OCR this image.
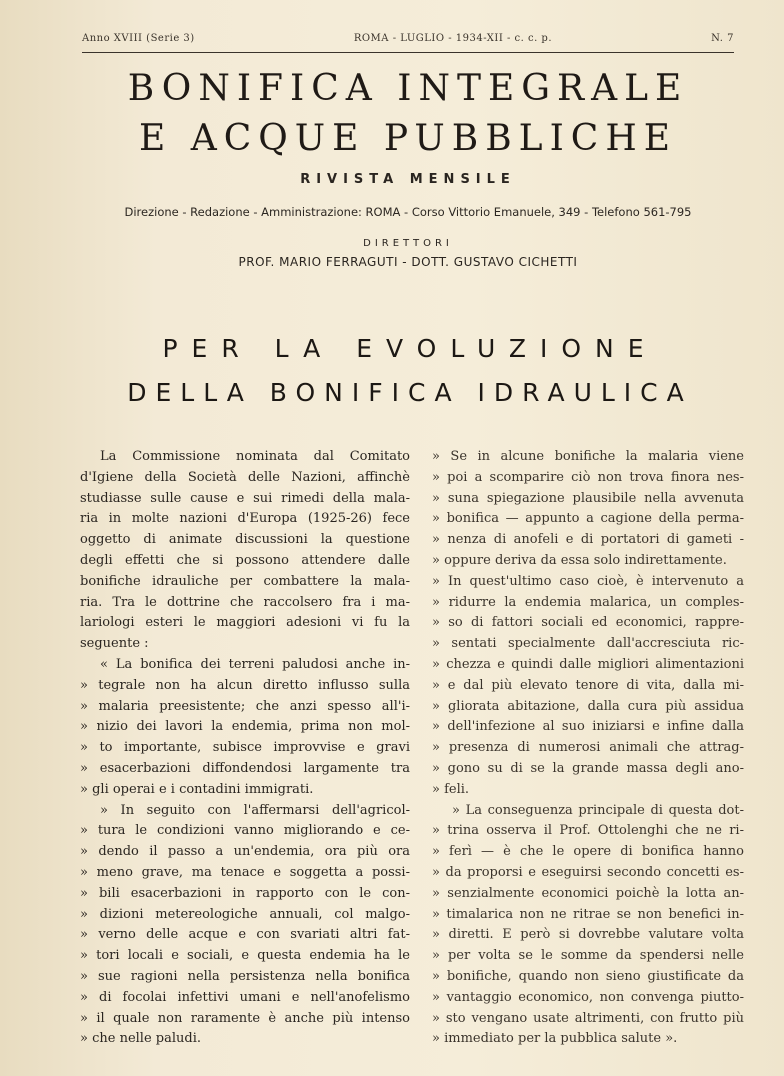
Anno XVIII (Serie 3)	ROMA - LUGLIO - 1934-XII - c. c. p.	N. 7
BONIFICA INTEGRALE
E ACQUE PUBBLICHE
RIVISTA MENSILE
Direzione - Redazione - Amministrazione: ROMA - Corso Vittorio Emanuele, 349 - Telefono 561-795
DIRETTORI
PROF. MARIO FERRAGUTI - DOTT. GUSTAVO CICHETTI
PER LA EVOLUZIONE
DELLA BONIFICA IDRAULICA
La Commissione nominata dal Comitato
d'Igiene della Società delle Nazioni, affinchè
studiasse sulle cause e sui rimedi della mala-
ria in molte nazioni d'Europa (1925-26) fece
oggetto di animate discussioni la questione
degli effetti che si possono attendere dalle
bonifiche idrauliche per combattere la mala-
ria. Tra le dottrine che raccolsero fra i ma-
lariologi esteri le maggiori adesioni vi fu la
seguente :
« La bonifica dei terreni paludosi anche in-
» tegrale non ha alcun diretto influsso sulla
» malaria preesistente; che anzi spesso all'i-
» nizio dei lavori la endemia, prima non mol-
» to importante, subisce improvvise e gravi
» esacerbazioni diffondendosi largamente tra
» gli operai e i contadini immigrati.
» In seguito con l'affermarsi dell'agricol-
» tura le condizioni vanno migliorando e ce-
» dendo il passo a un'endemia, ora più ora
» meno grave, ma tenace e soggetta a possi-
» bili esacerbazioni in rapporto con le con-
» dizioni metereologiche annuali, col malgo-
» verno delle acque e con svariati altri fat-
» tori locali e sociali, e questa endemia ha le
» sue ragioni nella persistenza nella bonifica
» di focolai infettivi umani e nell'anofelismo
» il quale non raramente è anche più intenso
» che nelle paludi.
» Se in alcune bonifiche la malaria viene
» poi a scomparire ciò non trova finora nes-
» suna spiegazione plausibile nella avvenuta
» bonifica — appunto a cagione della perma-
» nenza di anofeli e di portatori di gameti -
» oppure deriva da essa solo indirettamente.
» In quest'ultimo caso cioè, è intervenuto a
» ridurre la endemia malarica, un comples-
» so di fattori sociali ed economici, rappre-
» sentati specialmente dall'accresciuta ric-
» chezza e quindi dalle migliori alimentazioni
» e dal più elevato tenore di vita, dalla mi-
» gliorata abitazione, dalla cura più assidua
» dell'infezione al suo iniziarsi e infine dalla
» presenza di numerosi animali che attrag-
» gono su di se la grande massa degli ano-
» feli.
» La conseguenza principale di questa dot-
» trina osserva il Prof. Ottolenghi che ne ri-
» ferì — è che le opere di bonifica hanno
» da proporsi e eseguirsi secondo concetti es-
» senzialmente economici poichè la lotta an-
» timalarica non ne ritrae se non benefici in-
» diretti. E però si dovrebbe valutare volta
» per volta se le somme da spendersi nelle
» bonifiche, quando non sieno giustificate da
» vantaggio economico, non convenga piutto-
» sto vengano usate altrimenti, con frutto più
» immediato per la pubblica salute ».
